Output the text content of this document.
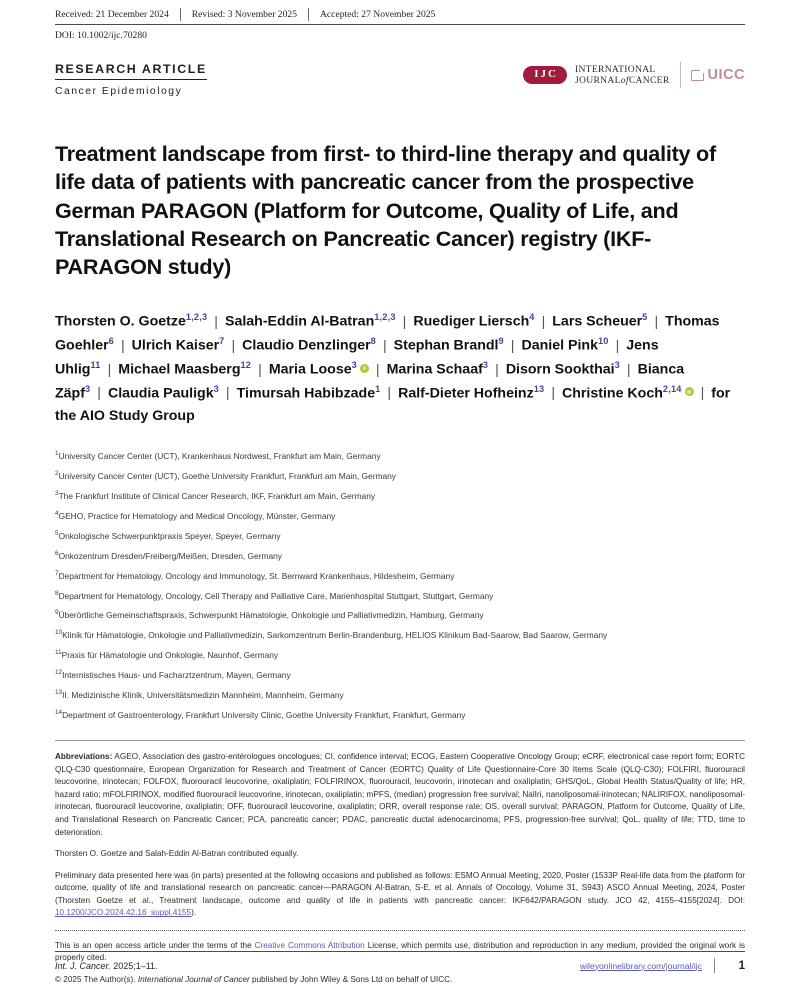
Received: 21 December 2024	Revised: 3 November 2025	Accepted: 27 November 2025
DOI: 10.1002/ijc.70280
RESEARCH ARTICLE
Cancer Epidemiology
IJC	INTERNATIONAL
JOURNALofCANCER	UICC
Treatment landscape from first- to third-line therapy and quality of life data of patients with pancreatic cancer from the prospective German PARAGON (Platform for Outcome, Quality of Life, and Translational Research on Pancreatic Cancer) registry (IKF-PARAGON study)
Thorsten O. Goetze$^{1,2,3}$ | Salah-Eddin Al-Batran$^{1,2,3}$ | Ruediger Liersch$^4$ | Lars Scheuer$^5$ | Thomas Goehler$^6$ | Ulrich Kaiser$^7$ | Claudio Denzlinger$^8$ | Stephan Brandl$^9$ | Daniel Pink$^{10}$ | Jens Uhlig$^{11}$ | Michael Maasberg$^{12}$ | Maria Loose$^3$ | Marina Schaaf$^3$ | Disorn Sookthai$^3$ | Bianca Zäpf$^3$ | Claudia Pauligk$^3$ | Timursah Habibzade$^1$ | Ralf-Dieter Hofheinz$^{13}$ | Christine Koch$^{2,14}$ | for the AIO Study Group
$^1$University Cancer Center (UCT), Krankenhaus Nordwest, Frankfurt am Main, Germany
$^2$University Cancer Center (UCT), Goethe University Frankfurt, Frankfurt am Main, Germany
$^3$The Frankfurt Institute of Clinical Cancer Research, IKF, Frankfurt am Main, Germany
$^4$GEHO, Practice for Hematology and Medical Oncology, Münster, Germany
$^5$Onkologische Schwerpunktpraxis Speyer, Speyer, Germany
$^6$Onkozentrum Dresden/Freiberg/Meißen, Dresden, Germany
$^7$Department for Hematology, Oncology and Immunology, St. Bernward Krankenhaus, Hildesheim, Germany
$^8$Department for Hematology, Oncology, Cell Therapy and Palliative Care, Marienhospital Stuttgart, Stuttgart, Germany
$^9$Überörtliche Gemeinschaftspraxis, Schwerpunkt Hämatologie, Onkologie und Palliativmedizin, Hamburg, Germany
$^{10}$Klinik für Hämatologie, Onkologie und Palliativmedizin, Sarkomzentrum Berlin-Brandenburg, HELIOS Klinikum Bad-Saarow, Bad Saarow, Germany
$^{11}$Praxis für Hämatologie und Onkologie, Naunhof, Germany
$^{12}$Internistisches Haus- und Facharztzentrum, Mayen, Germany
$^{13}$II. Medizinische Klinik, Universitätsmedizin Mannheim, Mannheim, Germany
$^{14}$Department of Gastroenterology, Frankfurt University Clinic, Goethe University Frankfurt, Frankfurt, Germany
Abbreviations: AGEO, Association des gastro-entérologues oncologues; CI, confidence interval; ECOG, Eastern Cooperative Oncology Group; eCRF, electronical case report form; EORTC QLQ-C30 questionnaire, European Organization for Research and Treatment of Cancer (EORTC) Quality of Life Questionnaire-Core 30 Items Scale (QLQ-C30); FOLFIRI, fluorouracil leucovorine, irinotecan; FOLFOX, fluorouracil leucovorine, oxaliplatin; FOLFIRINOX, fluorouracil, leucovorin, irinotecan and oxaliplatin; GHS/QoL, Global Health Status/Quality of life; HR, hazard ratio; mFOLFIRINOX, modified fluorouracil leucovorine, irinotecan, oxaliplatin; mPFS, (median) progression free survival; NalIri, nanoliposomal-irinotecan; NALIRIFOX, nanoliposomal-irinotecan, fluorouracil leucovorine, oxaliplatin; OFF, fluorouracil leucovorine, oxaliplatin; ORR, overall response rate; OS, overall survival; PARAGON, Platform for Outcome, Quality of Life, and Translational Research on Pancreatic Cancer; PCA, pancreatic cancer; PDAC, pancreatic ductal adenocarcinoma; PFS, progression-free survival; QoL, quality of life; TTD, time to deterioration.
Thorsten O. Goetze and Salah-Eddin Al-Batran contributed equally.
Preliminary data presented here was (in parts) presented at the following occasions and published as follows: ESMO Annual Meeting, 2020, Poster (1533P Real-life data from the platform for outcome, quality of life and translational research on pancreatic cancer—PARAGON Al-Batran, S-E. et al. Annals of Oncology, Volume 31, S943) ASCO Annual Meeting, 2024, Poster (Thorsten Goetze et al., Treatment landscape, outcome and quality of life in patients with pancreatic cancer: IKF642/PARAGON study. JCO 42, 4155–4155[2024]. DOI: 10.1200/JCO.2024.42.16_suppl.4155).
This is an open access article under the terms of the Creative Commons Attribution License, which permits use, distribution and reproduction in any medium, provided the original work is properly cited.
© 2025 The Author(s). International Journal of Cancer published by John Wiley & Sons Ltd on behalf of UICC.
Int. J. Cancer. 2025;1–11.	wileyonlinelibrary.com/journal/ijc	1
